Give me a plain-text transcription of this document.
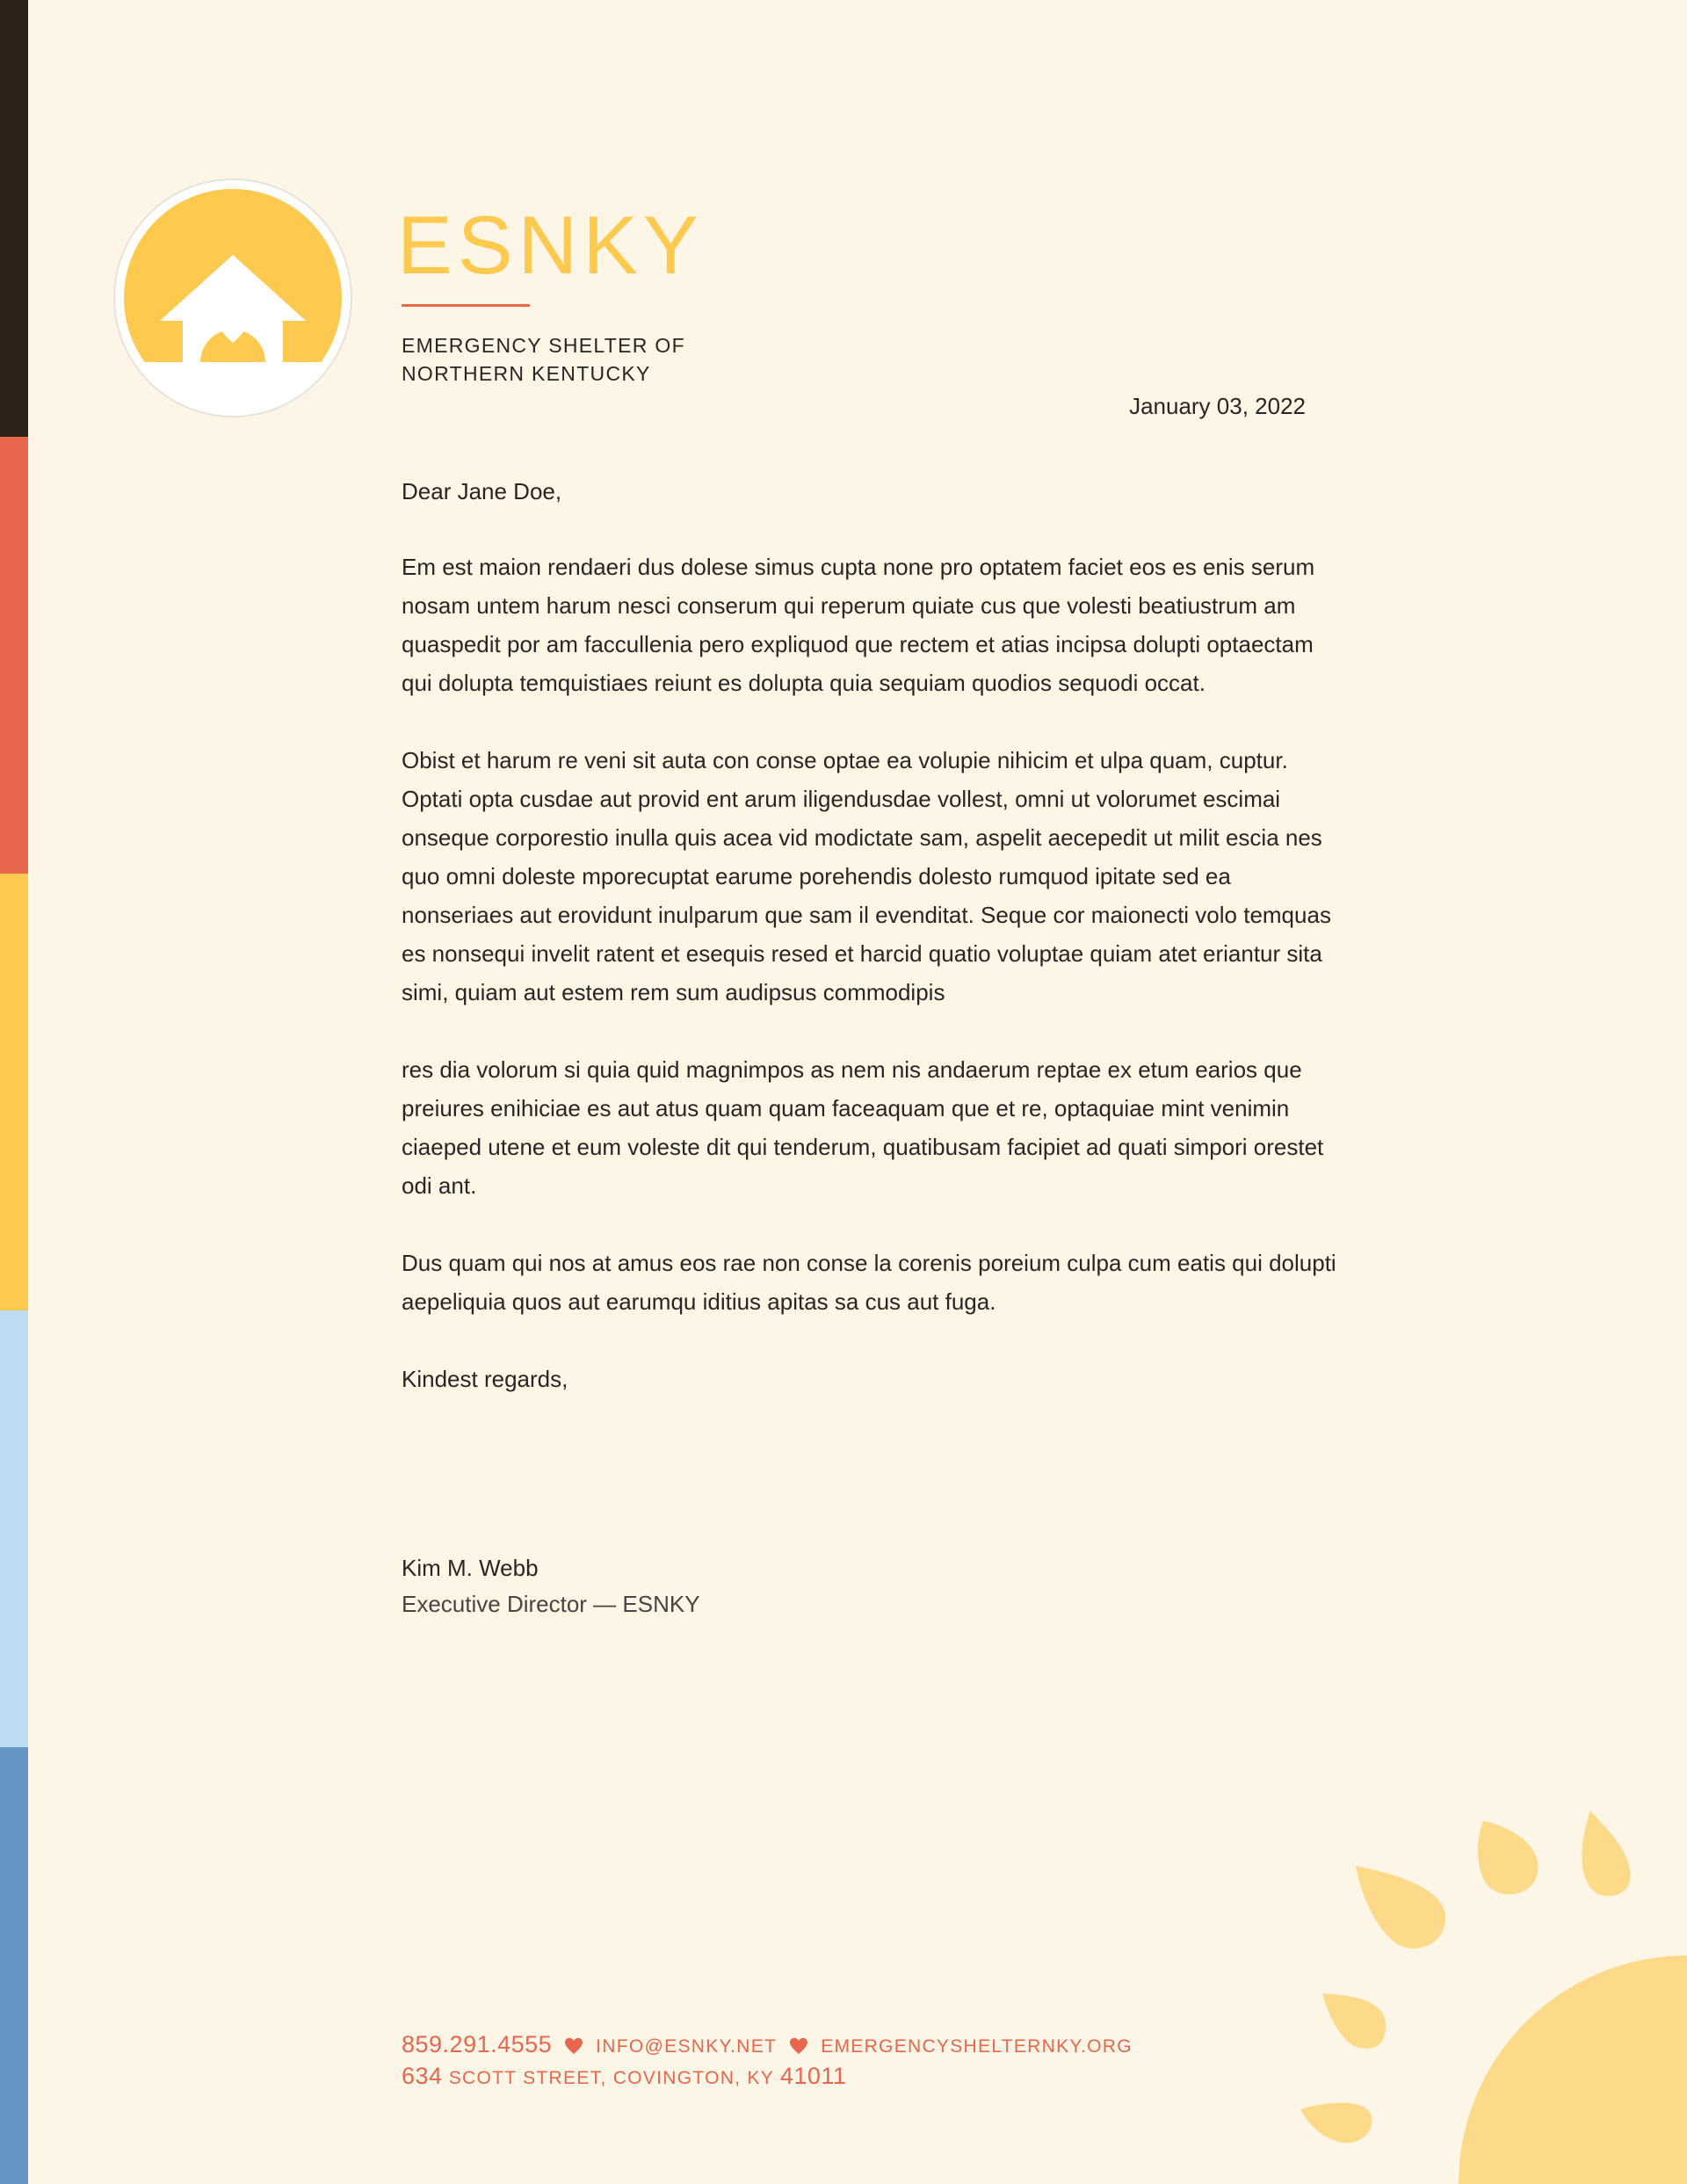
ESNKY
EMERGENCY SHELTER OF
NORTHERN KENTUCKY
January 03, 2022

Dear Jane Doe,

Em est maion rendaeri dus dolese simus cupta none pro optatem faciet eos es enis serum nosam untem harum nesci conserum qui reperum quiate cus que volesti beatiustrum am quaspedit por am faccullenia pero expliquod que rectem et atias incipsa dolupti optaectam qui dolupta temquistiaes reiunt es dolupta quia sequiam quodios sequodi occat.

Obist et harum re veni sit auta con conse optae ea volupie nihicim et ulpa quam, cuptur. Optati opta cusdae aut provid ent arum iligendusdae vollest, omni ut volorumet escimai onseque corporestio inulla quis acea vid modictate sam, aspelit aecepedit ut milit escia nes quo omni doleste mporecuptat earume porehendis dolesto rumquod ipitate sed ea nonseriaes aut erovidunt inulparum que sam il evenditat. Seque cor maionecti volo temquas es nonsequi invelit ratent et esequis resed et harcid quatio voluptae quiam atet eriantur sita simi, quiam aut estem rem sum audipsus commodipis

res dia volorum si quia quid magnimpos as nem nis andaerum reptae ex etum earios que preiures enihiciae es aut atus quam quam faceaquam que et re, optaquiae mint venimin ciaeped utene et eum voleste dit qui tenderum, quatibusam facipiet ad quati simpori orestet odi ant.

Dus quam qui nos at amus eos rae non conse la corenis poreium culpa cum eatis qui dolupti aepeliquia quos aut earumqu iditius apitas sa cus aut fuga.

Kindest regards,

Kim M. Webb
Executive Director — ESNKY
859.291.4555 INFO@ESNKY.NET EMERGENCYSHELTERNKY.ORG
634 SCOTT STREET, COVINGTON, KY 41011
